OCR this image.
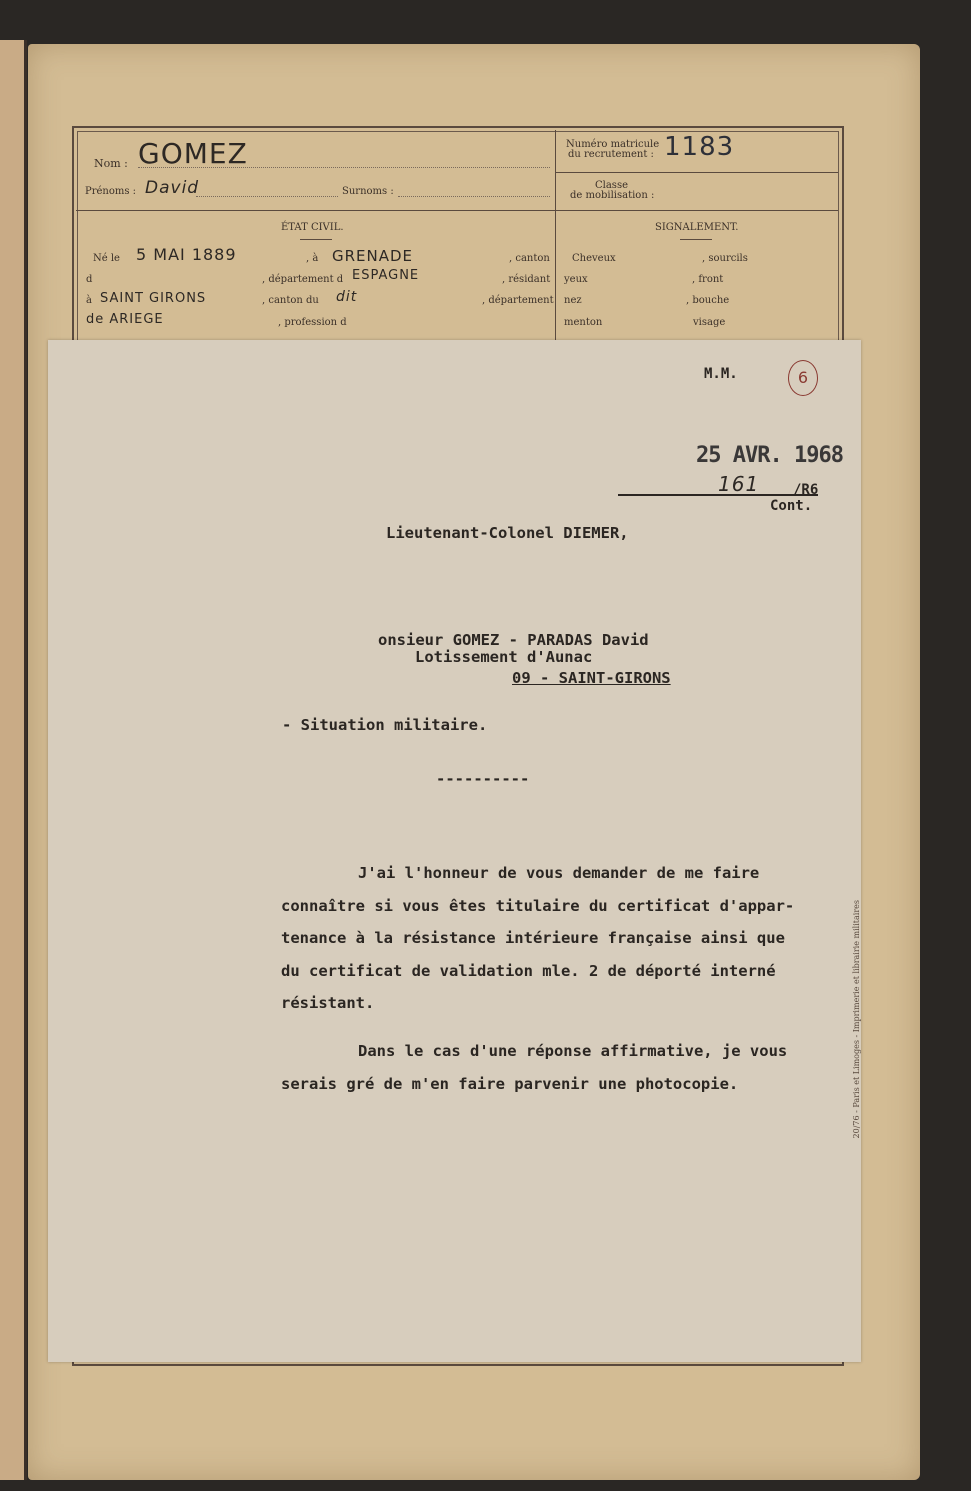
Nom : GOMEZ
Prénoms : David	Surnoms :
Numéro matricule
du recrutement : 1183
Classe
de mobilisation :
ÉTAT CIVIL.	SIGNALEMENT.
Né le 5 MAI 1889	, à GRENADE	, canton
d	, département d ESPAGNE	, résidant
à SAINT GIRONS	, canton du dit	, département
de ARIEGE	, profession d
Cheveux	, sourcils
yeux	, front
nez	, bouche
menton	visage
M.M.	6
25 AVR. 1968
161 /R6
Cont.
Lieutenant-Colonel DIEMER,
onsieur GOMEZ - PARADAS David
Lotissement d'Aunac
09 - SAINT-GIRONS
- Situation militaire.
----------
J'ai l'honneur de vous demander de me faire
connaître si vous êtes titulaire du certificat d'appar-
tenance à la résistance intérieure française ainsi que
du certificat de validation mle. 2 de déporté interné
résistant.
Dans le cas d'une réponse affirmative, je vous
serais gré de m'en faire parvenir une photocopie.	20/76 - Paris et Limoges - Imprimerie et librairie militaires
